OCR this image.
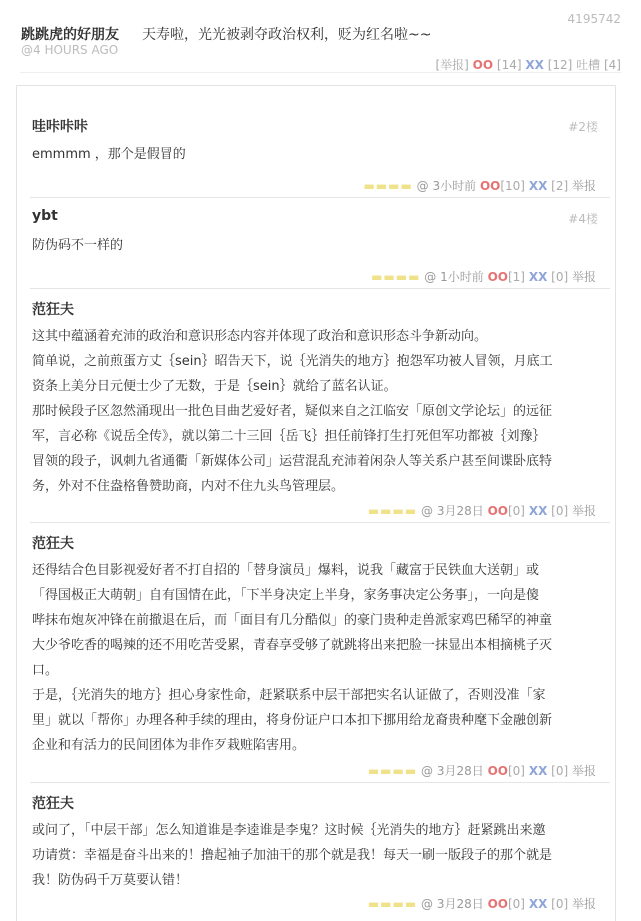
跳跳虎的好朋友
@4 HOURS AGO
天寿啦，光光被剥夺政治权利，贬为红名啦~~
4195742
[举报] OO [14] XX [12] 吐槽 [4]
哇咔咔咔	#2楼
emmmm ，那个是假冒的
▬▬▬▬ @ 3小时前 OO[10] XX [2] 举报
ybt	#4楼
防伪码不一样的
▬▬▬▬ @ 1小时前 OO[1] XX [0] 举报
范狂夫
这其中蕴涵着充沛的政治和意识形态内容并体现了政治和意识形态斗争新动向。
简单说，之前煎蛋方丈｛sein｝昭告天下，说｛光消失的地方｝抱怨军功被人冒领，月底工
资条上美分日元便士少了无数，于是｛sein｝就给了蓝名认证。
那时候段子区忽然涌现出一批色目曲艺爱好者，疑似来自之江临安「原创文学论坛」的远征
军，言必称《说岳全传》，就以第二十三回｛岳飞｝担任前锋打生打死但军功都被｛刘豫｝
冒领的段子，讽刺九省通衢「新媒体公司」运营混乱充沛着闲杂人等关系户甚至间谍卧底特
务，外对不住盎格鲁赞助商，内对不住九头鸟管理层。
▬▬▬▬ @ 3月28日 OO[0] XX [0] 举报
范狂夫
还得结合色目影视爱好者不打自招的「替身演员」爆料，说我「藏富于民铁血大送朝」或
「得国极正大萌朝」自有国情在此，「下半身决定上半身，家务事决定公务事」，一向是傻
哔抹布炮灰冲锋在前撤退在后，而「面目有几分酷似」的豪门贵种走兽派家鸡巴稀罕的神童
大少爷吃香的喝辣的还不用吃苦受累，青春享受够了就跳将出来把脸一抹显出本相摘桃子灭
口。
于是，｛光消失的地方｝担心身家性命，赶紧联系中层干部把实名认证做了，否则没准「家
里」就以「帮你」办理各种手续的理由，将身份证户口本扣下挪用给龙裔贵种麾下金融创新
企业和有活力的民间团体为非作歹栽赃陷害用。
▬▬▬▬ @ 3月28日 OO[0] XX [0] 举报
范狂夫
或问了，「中层干部」怎么知道谁是李逵谁是李鬼？这时候｛光消失的地方｝赶紧跳出来邀
功请赏：幸福是奋斗出来的！撸起袖子加油干的那个就是我！每天一刷一版段子的那个就是
我！防伪码千万莫要认错！
▬▬▬▬ @ 3月28日 OO[0] XX [0] 举报
